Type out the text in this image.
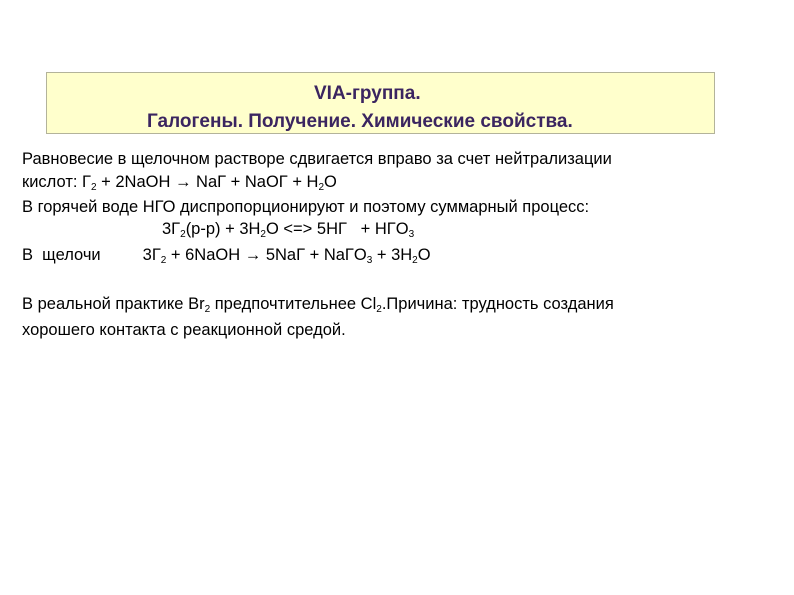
VIA-группа.
Галогены. Получение. Химические свойства.
Равновесие в щелочном растворе сдвигается вправо за счет нейтрализации
кислот: $Г_2$ + 2NaOH → NaГ + NaOГ + $H_2O$
В горячей воде НГО диспропорционируют и поэтому суммарный процесс:
$3Г_2(р-р) + 3H_2O$ <=> $5HГ + HГO_3$
В  щелочи	$3Г_2$ + 6NaOH → 5NaГ + NaГO$_3$ + $3H_2O$
В реальной практике $Br_2$ предпочтительнее $Cl_2.Причина$: трудность создания
хорошего контакта с реакционной средой.
